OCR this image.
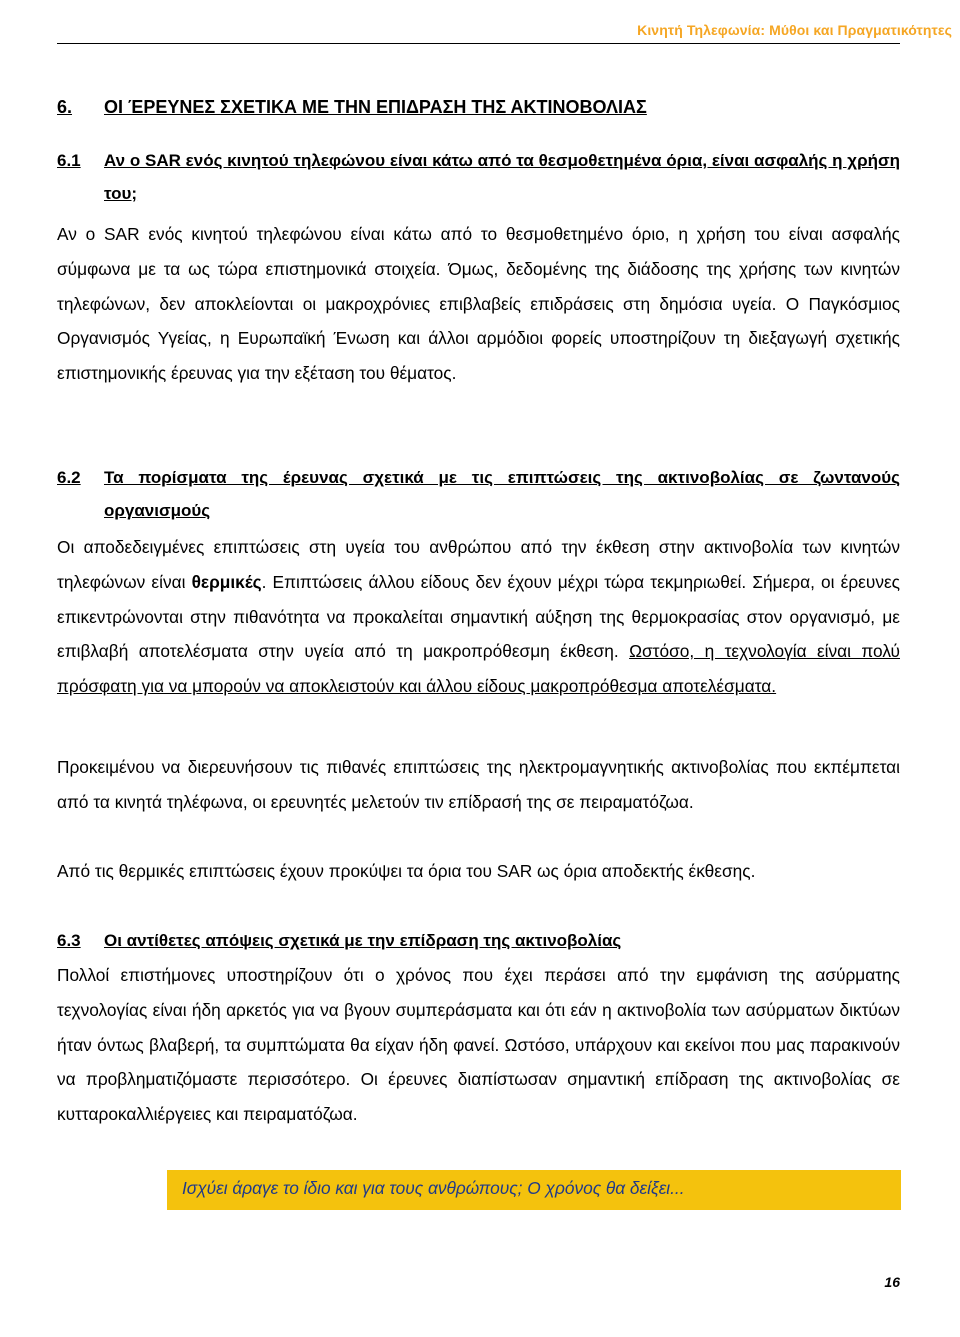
Κινητή Τηλεφωνία: Μύθοι και Πραγματικότητες
6. ΟΙ ΈΡΕΥΝΕΣ ΣΧΕΤΙΚΑ ΜΕ ΤΗΝ ΕΠΙΔΡΑΣΗ ΤΗΣ ΑΚΤΙΝΟΒΟΛΙΑΣ
6.1	Αν ο SAR ενός κινητού τηλεφώνου είναι κάτω από τα θεσμοθετημένα όρια, είναι ασφαλής η χρήση του;
Αν ο SAR ενός κινητού τηλεφώνου είναι κάτω από το θεσμοθετημένο όριο, η χρήση του είναι ασφαλής σύμφωνα με τα ως τώρα επιστημονικά στοιχεία. Όμως, δεδομένης της διάδοσης της χρήσης των κινητών τηλεφώνων, δεν αποκλείονται οι μακροχρόνιες επιβλαβείς επιδράσεις στη δημόσια υγεία. Ο Παγκόσμιος Οργανισμός Υγείας, η Ευρωπαϊκή Ένωση και άλλοι αρμόδιοι φορείς υποστηρίζουν τη διεξαγωγή σχετικής επιστημονικής έρευνας για την εξέταση του θέματος.
6.2	Τα πορίσματα της έρευνας σχετικά με τις επιπτώσεις της ακτινοβολίας σε ζωντανούς οργανισμούς
Οι αποδεδειγμένες επιπτώσεις στη υγεία του ανθρώπου από την έκθεση στην ακτινοβολία των κινητών τηλεφώνων είναι θερμικές. Επιπτώσεις άλλου είδους δεν έχουν μέχρι τώρα τεκμηριωθεί. Σήμερα, οι έρευνες επικεντρώνονται στην πιθανότητα να προκαλείται σημαντική αύξηση της θερμοκρασίας στον οργανισμό, με επιβλαβή αποτελέσματα στην υγεία από τη μακροπρόθεσμη έκθεση. Ωστόσο, η τεχνολογία είναι πολύ πρόσφατη για να μπορούν να αποκλειστούν και άλλου είδους μακροπρόθεσμα αποτελέσματα.
Προκειμένου να διερευνήσουν τις πιθανές επιπτώσεις της ηλεκτρομαγνητικής ακτινοβολίας που εκπέμπεται από τα κινητά τηλέφωνα, οι ερευνητές μελετούν τιν επίδρασή της σε πειραματόζωα.
Από τις θερμικές επιπτώσεις έχουν προκύψει τα όρια του SAR ως όρια αποδεκτής έκθεσης.
6.3	Οι αντίθετες απόψεις σχετικά με την επίδραση της ακτινοβολίας
Πολλοί επιστήμονες υποστηρίζουν ότι ο χρόνος που έχει περάσει από την εμφάνιση της ασύρματης τεχνολογίας είναι ήδη αρκετός για να βγουν συμπεράσματα και ότι εάν η ακτινοβολία των ασύρματων δικτύων ήταν όντως βλαβερή, τα συμπτώματα θα είχαν ήδη φανεί. Ωστόσο, υπάρχουν και εκείνοι που μας παρακινούν να προβληματιζόμαστε περισσότερο. Οι έρευνες διαπίστωσαν σημαντική επίδραση της ακτινοβολίας σε κυτταροκαλλιέργειες και πειραματόζωα.
Ισχύει άραγε το ίδιο και για τους ανθρώπους; Ο χρόνος θα δείξει...
16
